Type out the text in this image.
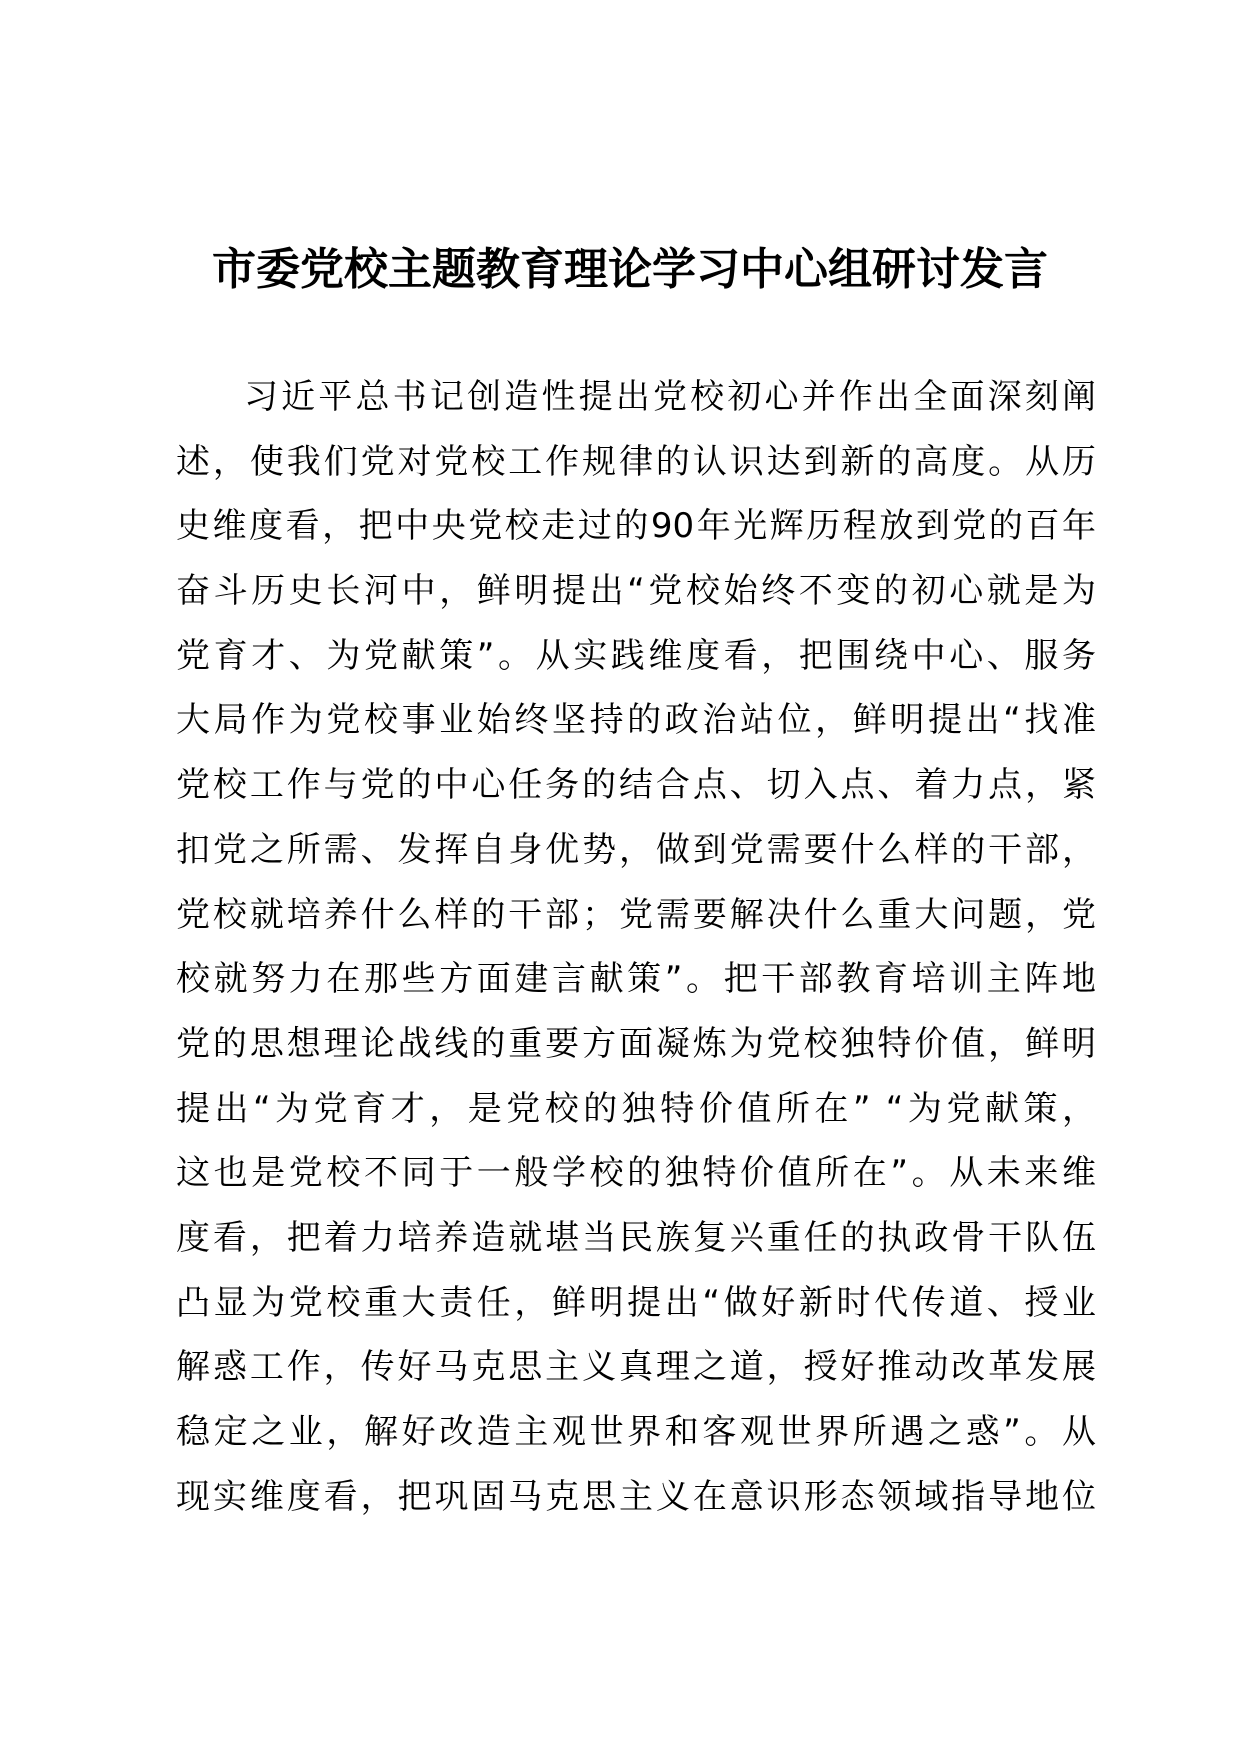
市委党校主题教育理论学习中心组研讨发言
习近平总书记创造性提出党校初心并作出全面深刻阐
述，使我们党对党校工作规律的认识达到新的高度。从历
史维度看，把中央党校走过的90年光辉历程放到党的百年
奋斗历史长河中，鲜明提出“党校始终不变的初心就是为
党育才、为党献策”。从实践维度看，把围绕中心、服务
大局作为党校事业始终坚持的政治站位，鲜明提出“找准
党校工作与党的中心任务的结合点、切入点、着力点，紧
扣党之所需、发挥自身优势，做到党需要什么样的干部，
党校就培养什么样的干部；党需要解决什么重大问题，党
校就努力在那些方面建言献策”。把干部教育培训主阵地
党的思想理论战线的重要方面凝炼为党校独特价值，鲜明
提出“为党育才，是党校的独特价值所在” “为党献策，
这也是党校不同于一般学校的独特价值所在”。从未来维
度看，把着力培养造就堪当民族复兴重任的执政骨干队伍
凸显为党校重大责任，鲜明提出“做好新时代传道、授业
解惑工作，传好马克思主义真理之道，授好推动改革发展
稳定之业，解好改造主观世界和客观世界所遇之惑”。从
现实维度看，把巩固马克思主义在意识形态领域指导地位
